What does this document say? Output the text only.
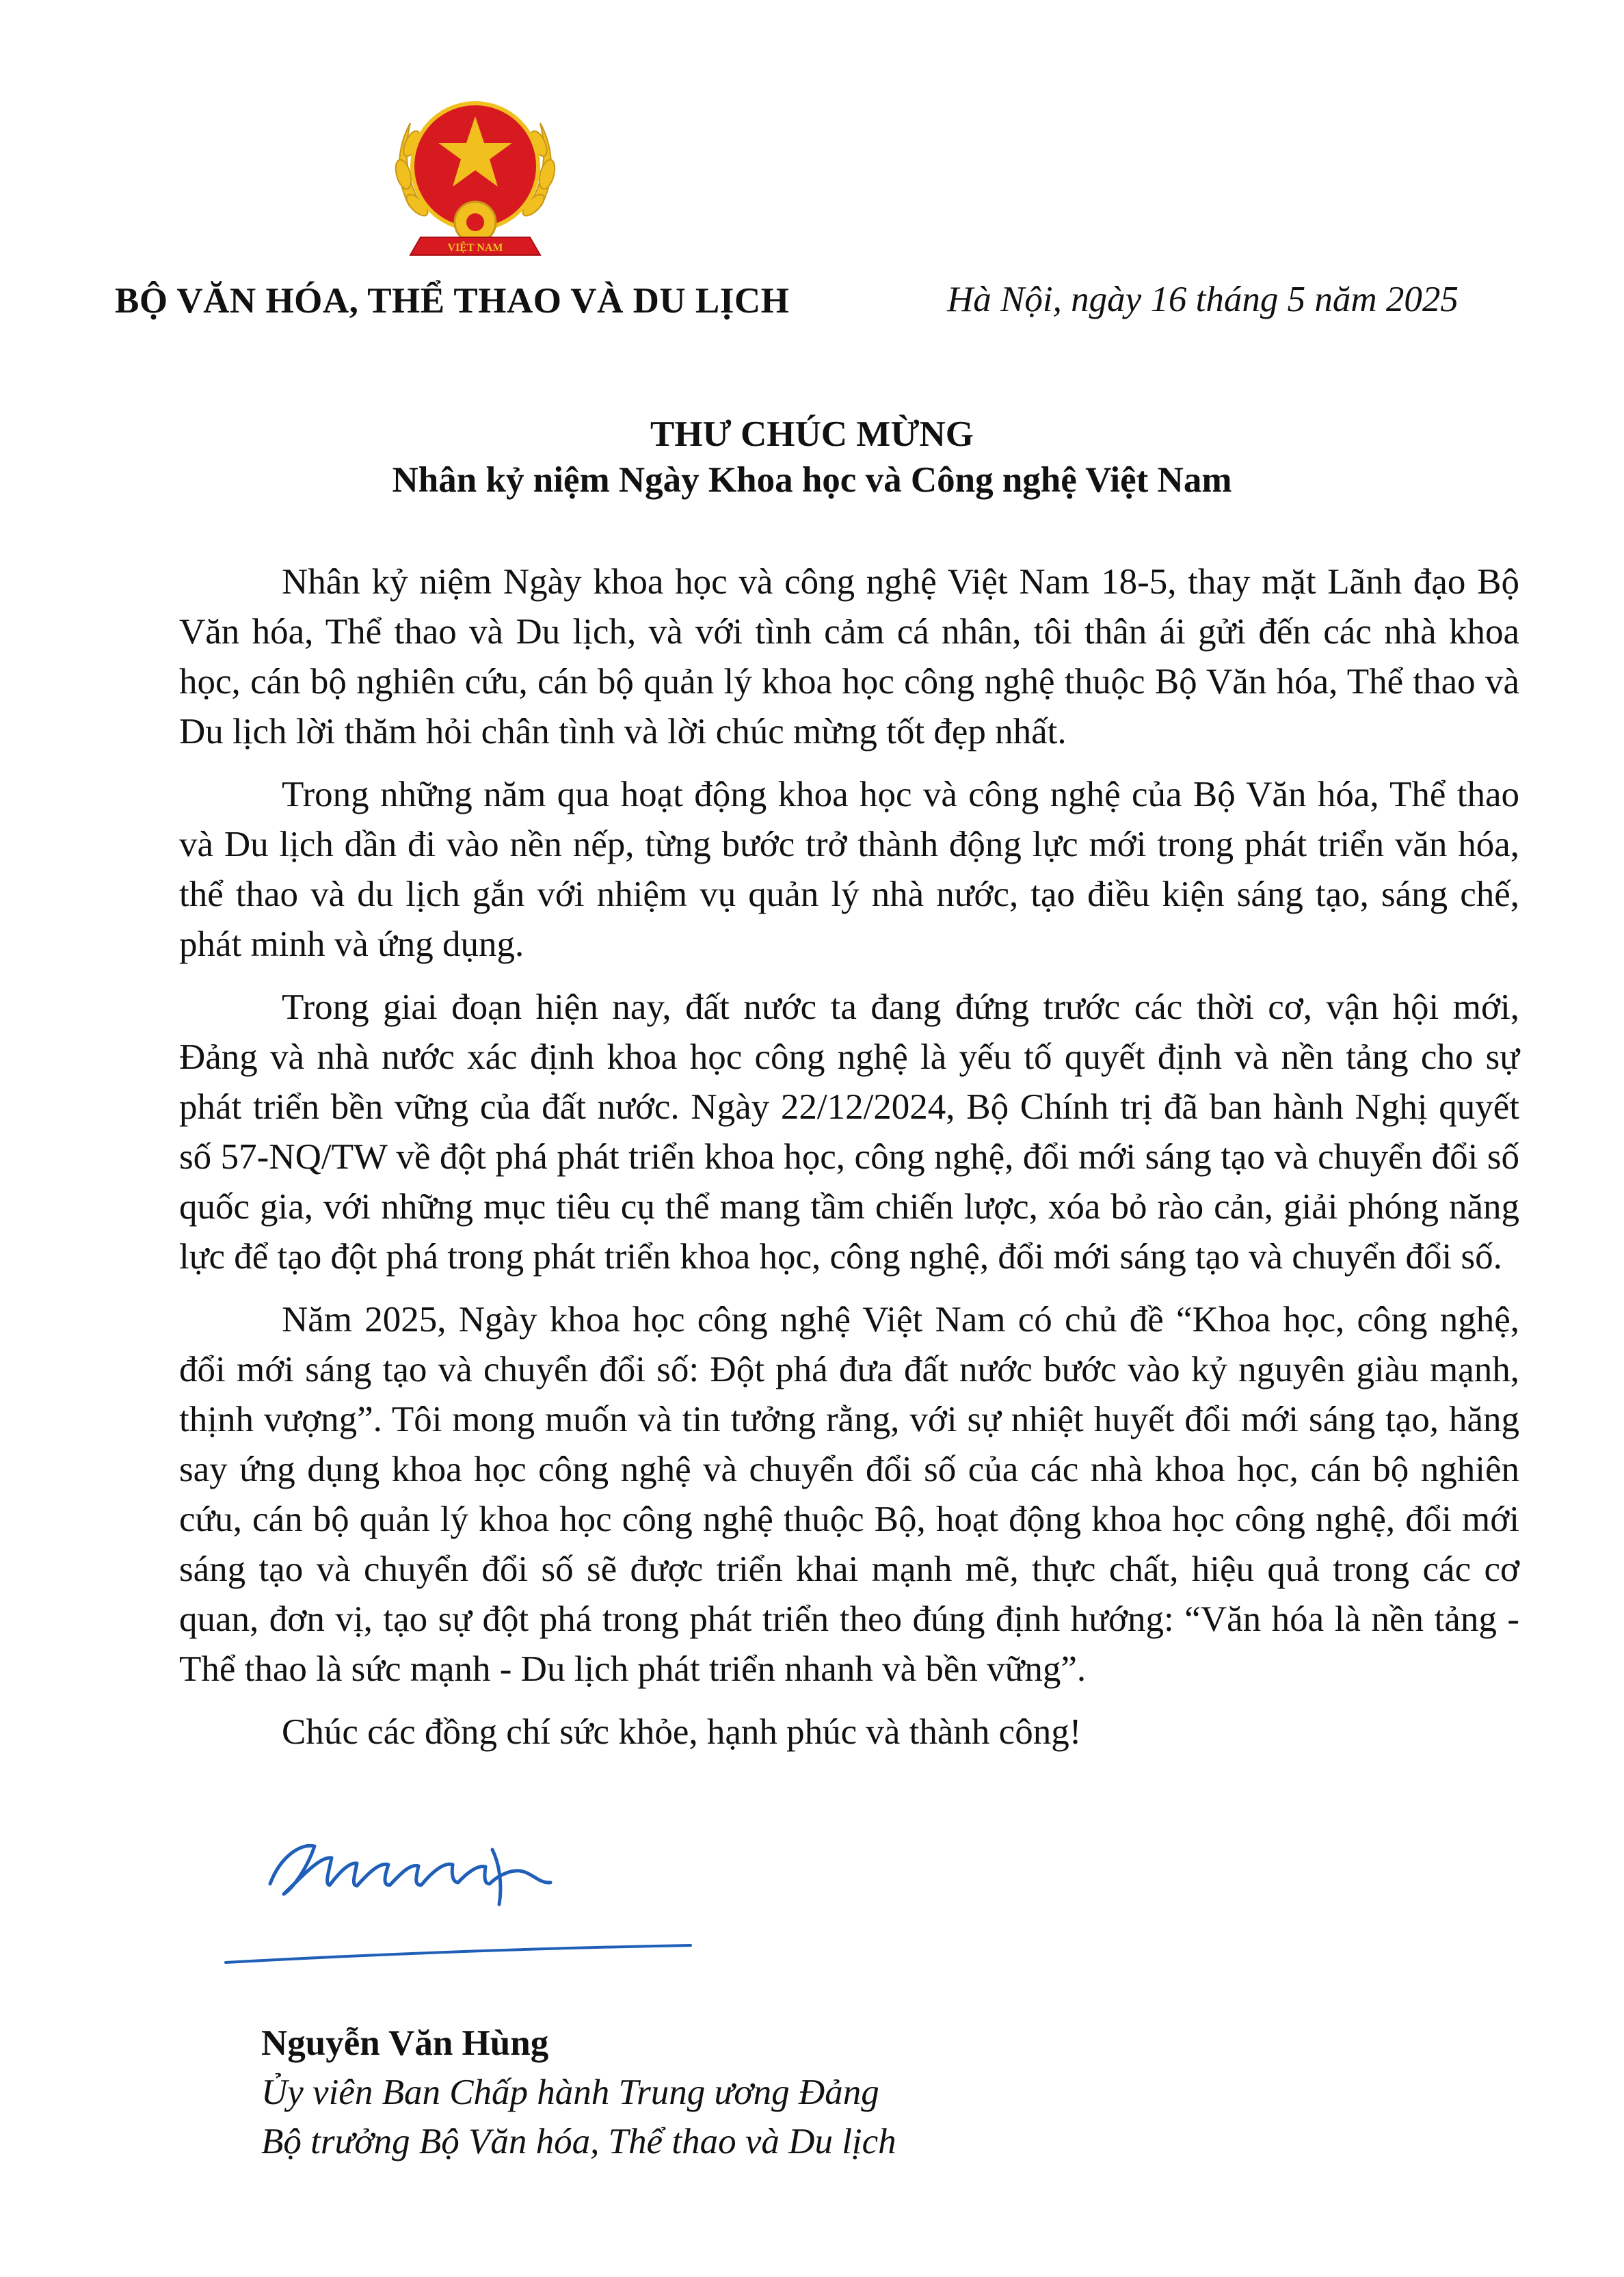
VIỆT NAM
BỘ VĂN HÓA, THỂ THAO VÀ DU LỊCH	Hà Nội, ngày 16 tháng 5 năm 2025
THƯ CHÚC MỪNG
Nhân kỷ niệm Ngày Khoa học và Công nghệ Việt Nam

Nhân kỷ niệm Ngày khoa học và công nghệ Việt Nam 18-5, thay mặt Lãnh đạo Bộ Văn hóa, Thể thao và Du lịch, và với tình cảm cá nhân, tôi thân ái gửi đến các nhà khoa học, cán bộ nghiên cứu, cán bộ quản lý khoa học công nghệ thuộc Bộ Văn hóa, Thể thao và Du lịch lời thăm hỏi chân tình và lời chúc mừng tốt đẹp nhất.

Trong những năm qua hoạt động khoa học và công nghệ của Bộ Văn hóa, Thể thao và Du lịch dần đi vào nền nếp, từng bước trở thành động lực mới trong phát triển văn hóa, thể thao và du lịch gắn với nhiệm vụ quản lý nhà nước, tạo điều kiện sáng tạo, sáng chế, phát minh và ứng dụng.

Trong giai đoạn hiện nay, đất nước ta đang đứng trước các thời cơ, vận hội mới, Đảng và nhà nước xác định khoa học công nghệ là yếu tố quyết định và nền tảng cho sự phát triển bền vững của đất nước. Ngày 22/12/2024, Bộ Chính trị đã ban hành Nghị quyết số 57-NQ/TW về đột phá phát triển khoa học, công nghệ, đổi mới sáng tạo và chuyển đổi số quốc gia, với những mục tiêu cụ thể mang tầm chiến lược, xóa bỏ rào cản, giải phóng năng lực để tạo đột phá trong phát triển khoa học, công nghệ, đổi mới sáng tạo và chuyển đổi số.

Năm 2025, Ngày khoa học công nghệ Việt Nam có chủ đề “Khoa học, công nghệ, đổi mới sáng tạo và chuyển đổi số: Đột phá đưa đất nước bước vào kỷ nguyên giàu mạnh, thịnh vượng”. Tôi mong muốn và tin tưởng rằng, với sự nhiệt huyết đổi mới sáng tạo, hăng say ứng dụng khoa học công nghệ và chuyển đổi số của các nhà khoa học, cán bộ nghiên cứu, cán bộ quản lý khoa học công nghệ thuộc Bộ, hoạt động khoa học công nghệ, đổi mới sáng tạo và chuyển đổi số sẽ được triển khai mạnh mẽ, thực chất, hiệu quả trong các cơ quan, đơn vị, tạo sự đột phá trong phát triển theo đúng định hướng: “Văn hóa là nền tảng - Thể thao là sức mạnh - Du lịch phát triển nhanh và bền vững”.

Chúc các đồng chí sức khỏe, hạnh phúc và thành công!

Nguyễn Văn Hùng
Ủy viên Ban Chấp hành Trung ương Đảng
Bộ trưởng Bộ Văn hóa, Thể thao và Du lịch
